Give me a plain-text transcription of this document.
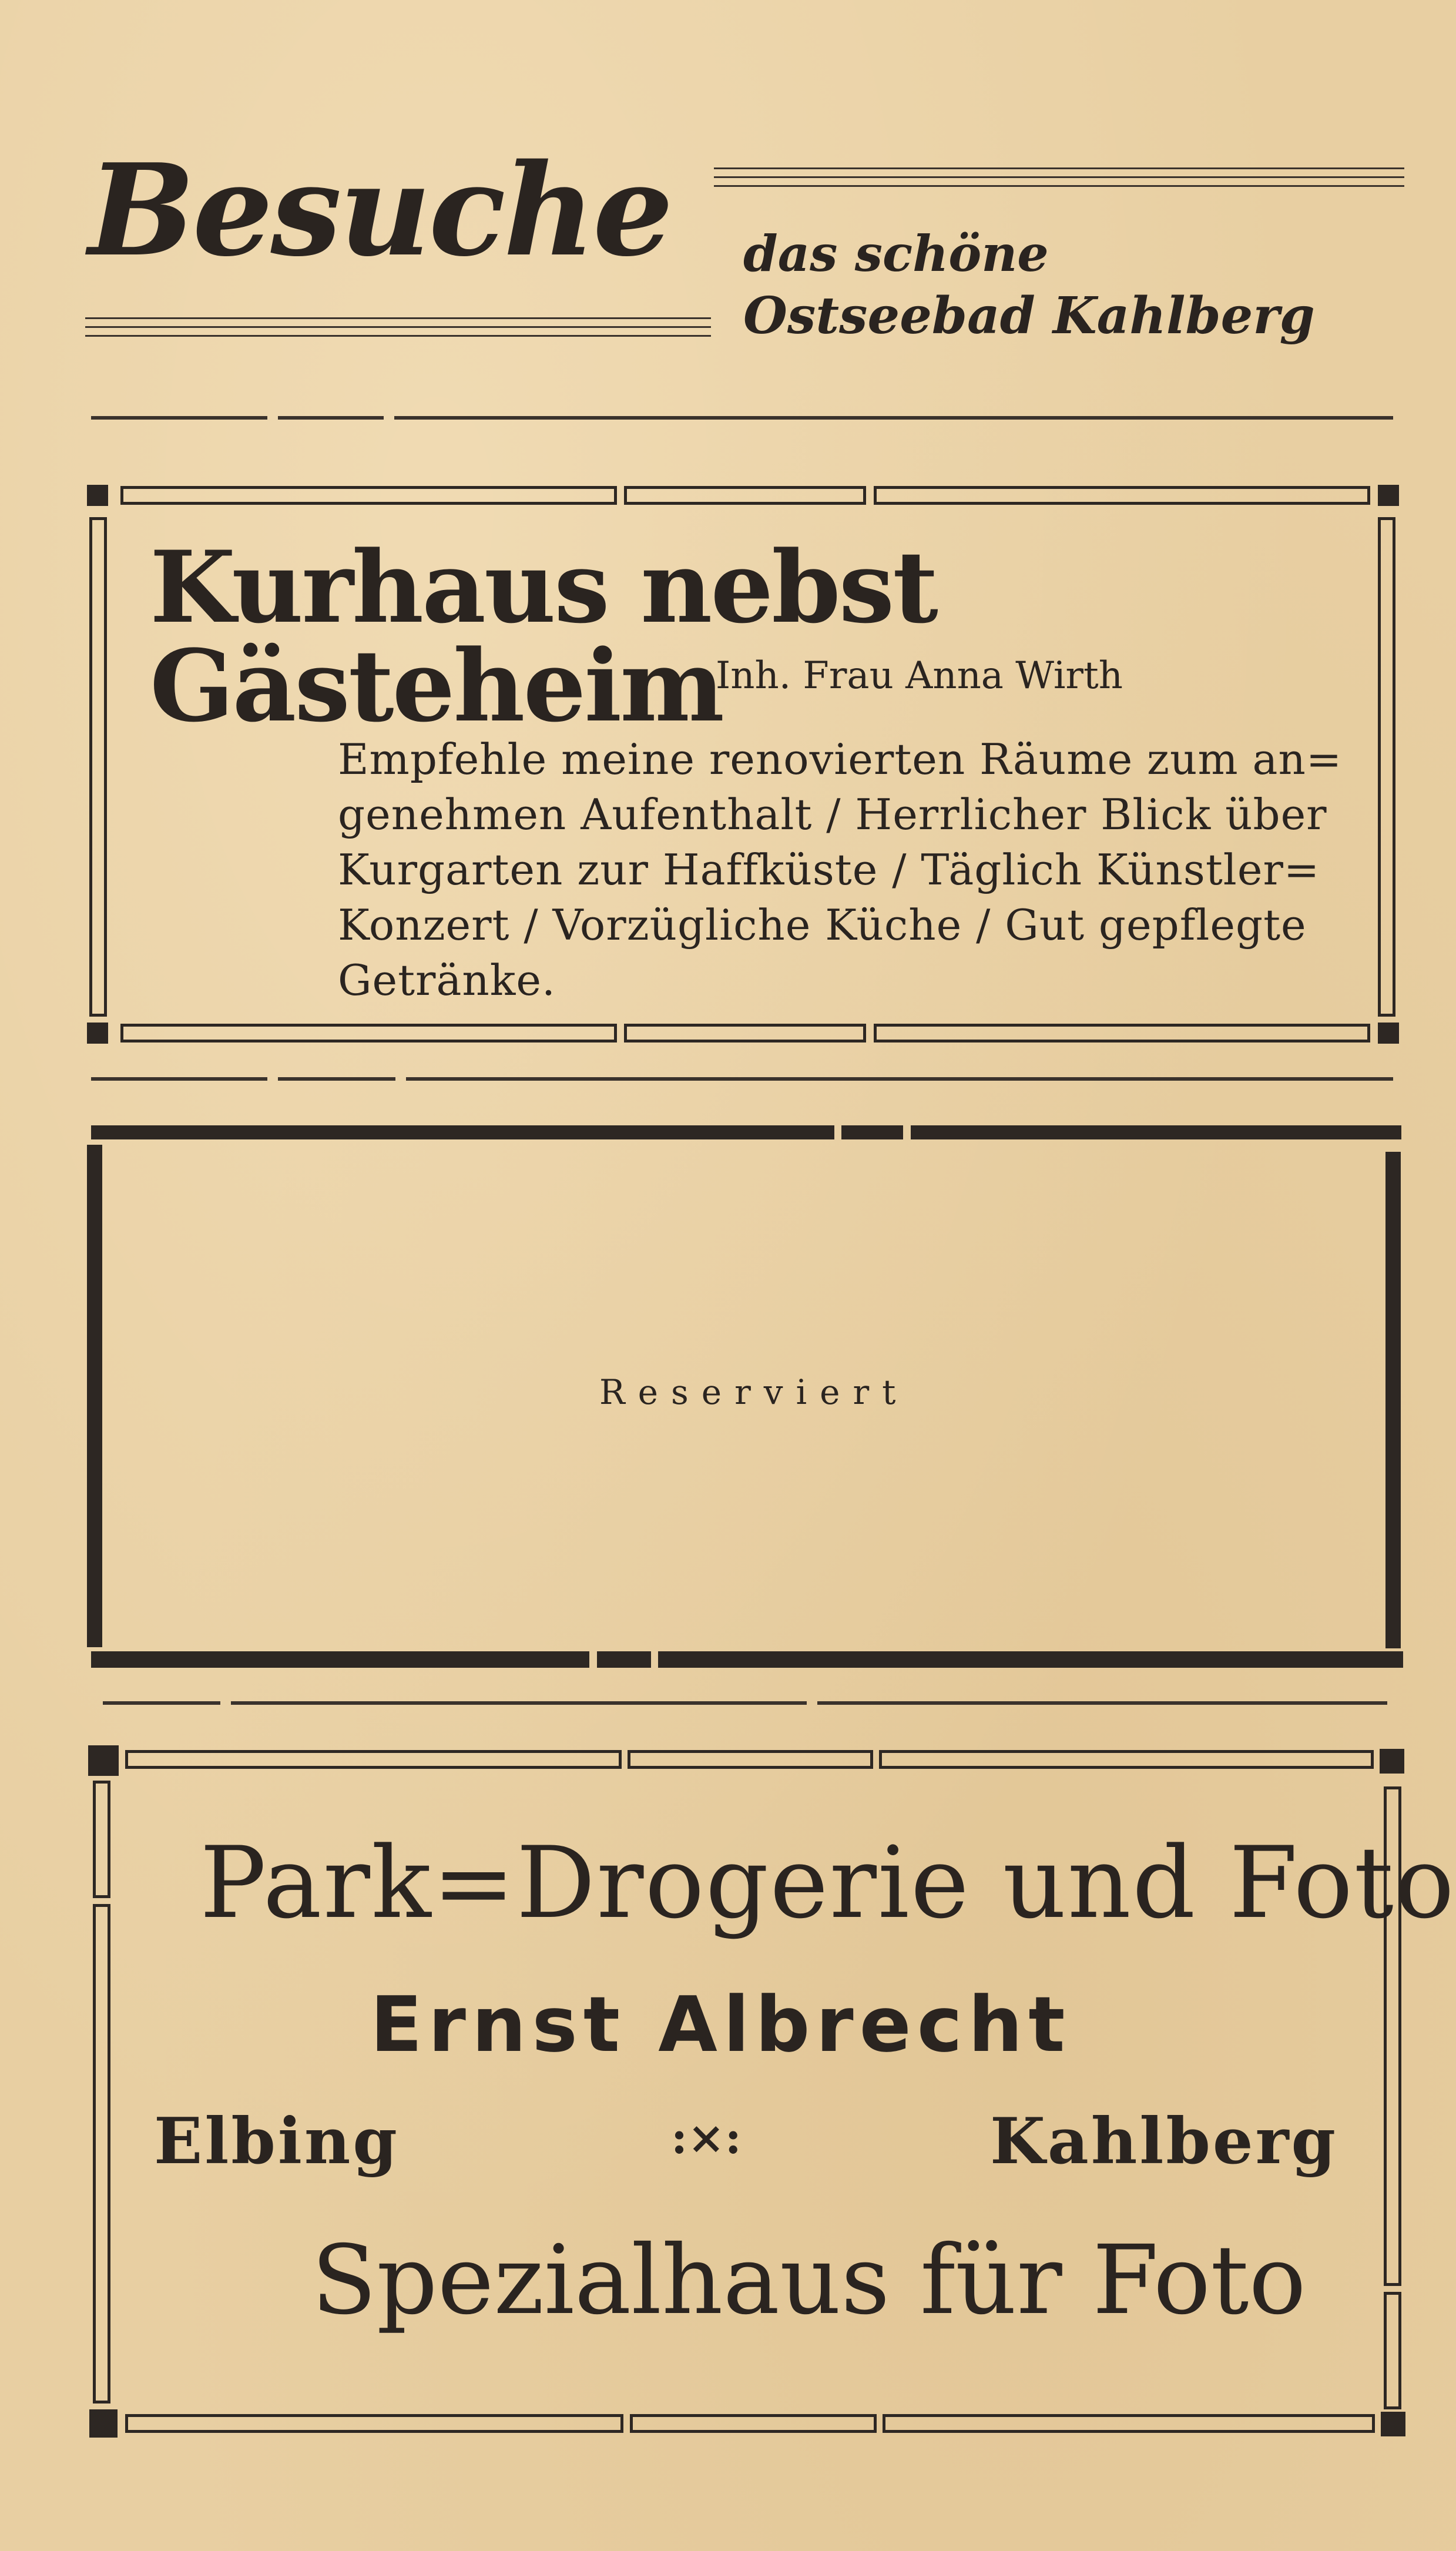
Besuche das schöne
Ostseebad Kahlberg
Kurhaus nebst Gästeheim
Inh. Frau Anna Wirth
Empfehle meine renovierten Räume zum an=
genehmen Aufenthalt / Herrlicher Blick über
Kurgarten zur Haffküste / Täglich Künstler=
Konzert / Vorzügliche Küche / Gut gepflegte
Getränke.
Reserviert
Park=Drogerie und Foto
Ernst Albrecht
Elbing	:×:	Kahlberg
Spezialhaus für Foto
